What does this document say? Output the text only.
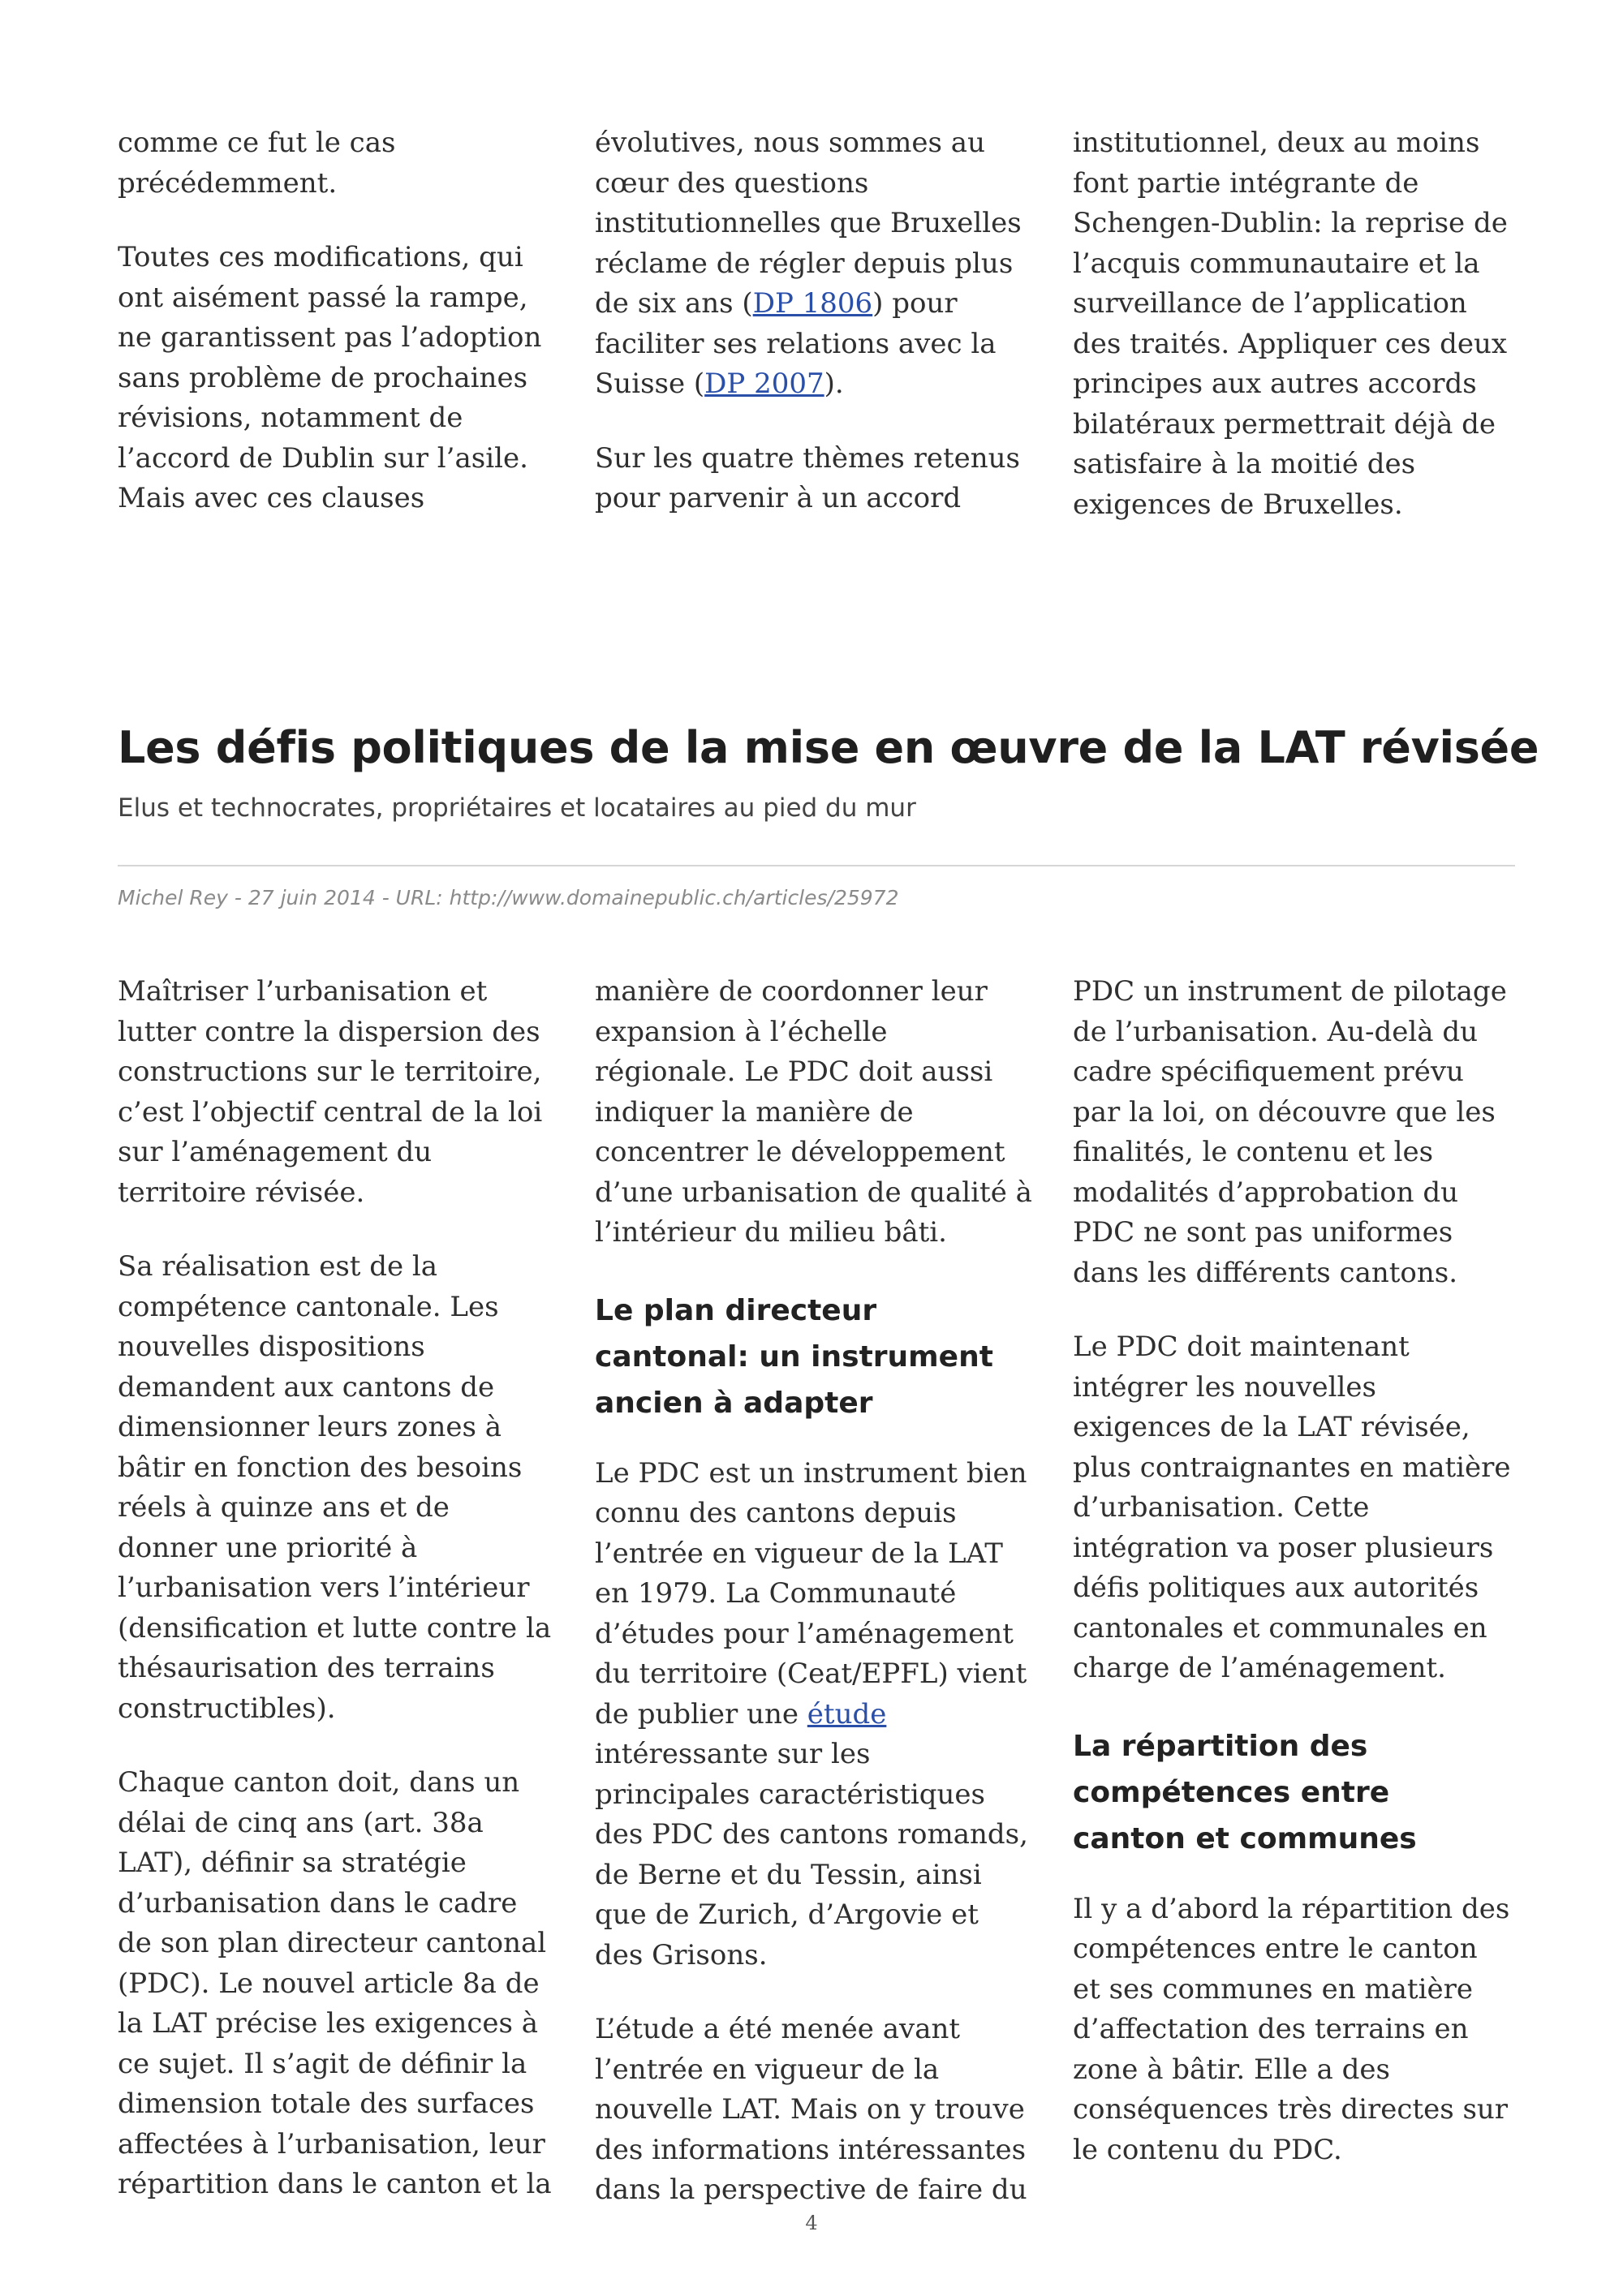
comme ce fut le cas précédemment.

Toutes ces modifications, qui ont aisément passé la rampe, ne garantissent pas l’adoption sans problème de prochaines révisions, notamment de l’accord de Dublin sur l’asile. Mais avec ces clauses

évolutives, nous sommes au cœur des questions institutionnelles que Bruxelles réclame de régler depuis plus de six ans (DP 1806) pour faciliter ses relations avec la Suisse (DP 2007).

Sur les quatre thèmes retenus pour parvenir à un accord

institutionnel, deux au moins font partie intégrante de Schengen-Dublin: la reprise de l’acquis communautaire et la surveillance de l’application des traités. Appliquer ces deux principes aux autres accords bilatéraux permettrait déjà de satisfaire à la moitié des exigences de Bruxelles.

Les défis politiques de la mise en œuvre de la LAT révisée
Elus et technocrates, propriétaires et locataires au pied du mur
Michel Rey - 27 juin 2014 - URL: http://www.domainepublic.ch/articles/25972

Maîtriser l’urbanisation et lutter contre la dispersion des constructions sur le territoire, c’est l’objectif central de la loi sur l’aménagement du territoire révisée.

Sa réalisation est de la compétence cantonale. Les nouvelles dispositions demandent aux cantons de dimensionner leurs zones à bâtir en fonction des besoins réels à quinze ans et de donner une priorité à l’urbanisation vers l’intérieur (densification et lutte contre la thésaurisation des terrains constructibles).

Chaque canton doit, dans un délai de cinq ans (art. 38a LAT), définir sa stratégie d’urbanisation dans le cadre de son plan directeur cantonal (PDC). Le nouvel article 8a de la LAT précise les exigences à ce sujet. Il s’agit de définir la dimension totale des surfaces affectées à l’urbanisation, leur répartition dans le canton et la

manière de coordonner leur expansion à l’échelle régionale. Le PDC doit aussi indiquer la manière de concentrer le développement d’une urbanisation de qualité à l’intérieur du milieu bâti.

Le plan directeur cantonal: un instrument ancien à adapter

Le PDC est un instrument bien connu des cantons depuis l’entrée en vigueur de la LAT en 1979. La Communauté d’études pour l’aménagement du territoire (Ceat/EPFL) vient de publier une étude intéressante sur les principales caractéristiques des PDC des cantons romands, de Berne et du Tessin, ainsi que de Zurich, d’Argovie et des Grisons.

L’étude a été menée avant l’entrée en vigueur de la nouvelle LAT. Mais on y trouve des informations intéressantes dans la perspective de faire du

PDC un instrument de pilotage de l’urbanisation. Au-delà du cadre spécifiquement prévu par la loi, on découvre que les finalités, le contenu et les modalités d’approbation du PDC ne sont pas uniformes dans les différents cantons.

Le PDC doit maintenant intégrer les nouvelles exigences de la LAT révisée, plus contraignantes en matière d’urbanisation. Cette intégration va poser plusieurs défis politiques aux autorités cantonales et communales en charge de l’aménagement.

La répartition des compétences entre canton et communes

Il y a d’abord la répartition des compétences entre le canton et ses communes en matière d’affectation des terrains en zone à bâtir. Elle a des conséquences très directes sur le contenu du PDC.

4
